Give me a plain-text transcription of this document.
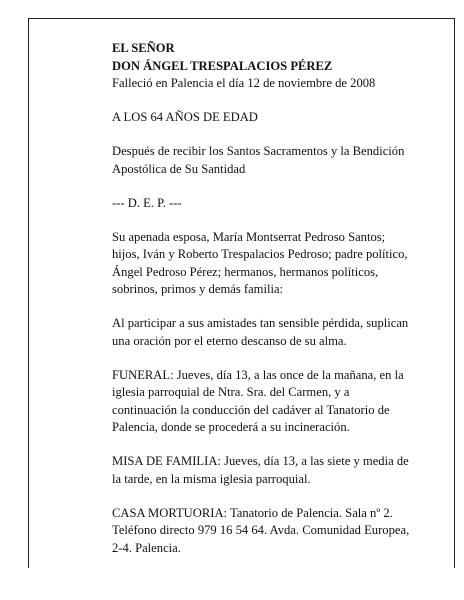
EL SEÑOR
DON ÁNGEL TRESPALACIOS PÉREZ

Falleció en Palencia el día 12 de noviembre de 2008

A LOS 64 AÑOS DE EDAD

Después de recibir los Santos Sacramentos y la Bendición Apostólica de Su Santidad

--- D. E. P. ---

Su apenada esposa, María Montserrat Pedroso Santos; hijos, Iván y Roberto Trespalacios Pedroso; padre político, Ángel Pedroso Pérez; hermanos, hermanos políticos, sobrinos, primos y demás familia:

Al participar a sus amistades tan sensible pérdida, suplican una oración por el eterno descanso de su alma.

FUNERAL: Jueves, día 13, a las once de la mañana, en la iglesia parroquial de Ntra. Sra. del Carmen, y a continuación la conducción del cadáver al Tanatorio de Palencia, donde se procederá a su incineración.

MISA DE FAMILIA: Jueves, día 13, a las siete y media de la tarde, en la misma iglesia parroquial.

CASA MORTUORIA: Tanatorio de Palencia. Sala nº 2. Teléfono directo 979 16 54 64. Avda. Comunidad Europea, 2-4. Palencia.
